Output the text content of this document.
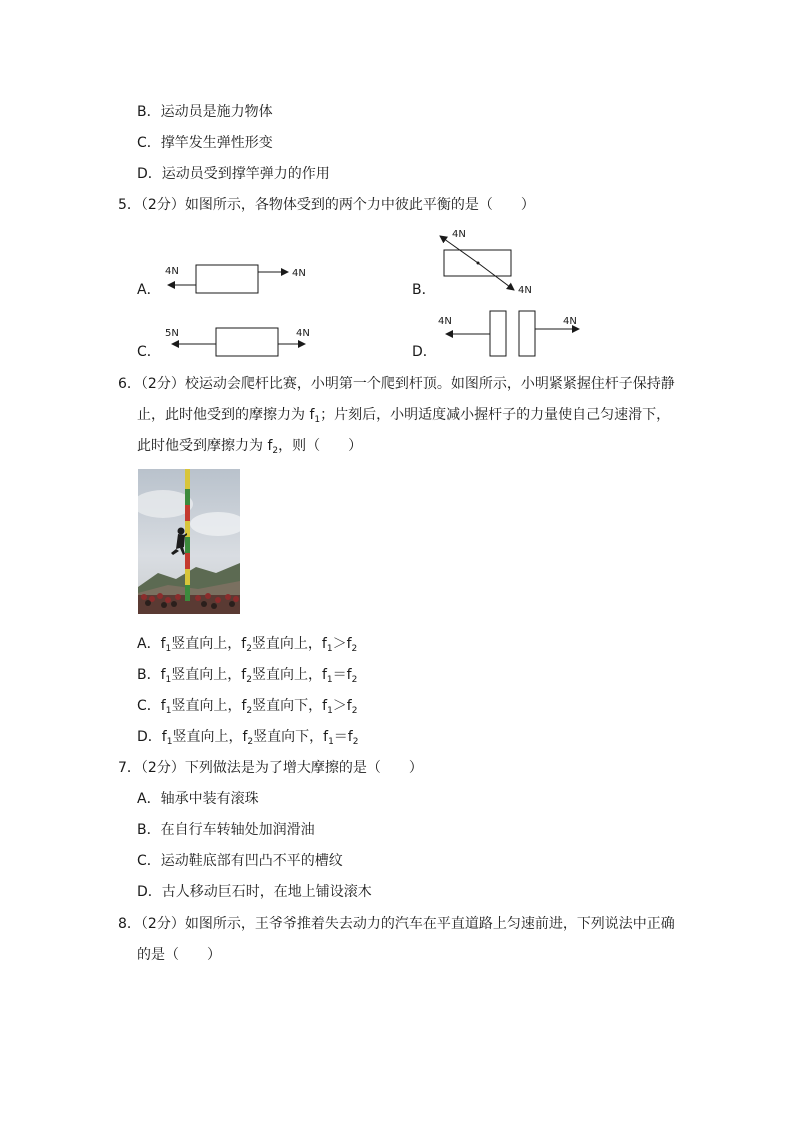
B．运动员是施力物体
C．撑竿发生弹性形变
D．运动员受到撑竿弹力的作用
5．（2分）如图所示，各物体受到的两个力中彼此平衡的是（　　）
A．	B．
C．	D．
4N	4N
4N
4N
5N	4N
4N	4N
6．（2分）校运动会爬杆比赛，小明第一个爬到杆顶。如图所示，小明紧紧握住杆子保持静
止，此时他受到的摩擦力为 $f_1$；片刻后，小明适度减小握杆子的力量使自己匀速滑下，
此时他受到摩擦力为 $f_2$，则（　　）
A．$f_1$竖直向上，$f_2$竖直向上，$f_1>f_2$
B．$f_1$竖直向上，$f_2$竖直向上，$f_1=f_2$
C．$f_1$竖直向上，$f_2$竖直向下，$f_1>f_2$
D．$f_1$竖直向上，$f_2$竖直向下，$f_1=f_2$
7．（2分）下列做法是为了增大摩擦的是（　　）
A．轴承中装有滚珠
B．在自行车转轴处加润滑油
C．运动鞋底部有凹凸不平的槽纹
D．古人移动巨石时，在地上铺设滚木
8．（2分）如图所示，王爷爷推着失去动力的汽车在平直道路上匀速前进，下列说法中正确
的是（　　）
